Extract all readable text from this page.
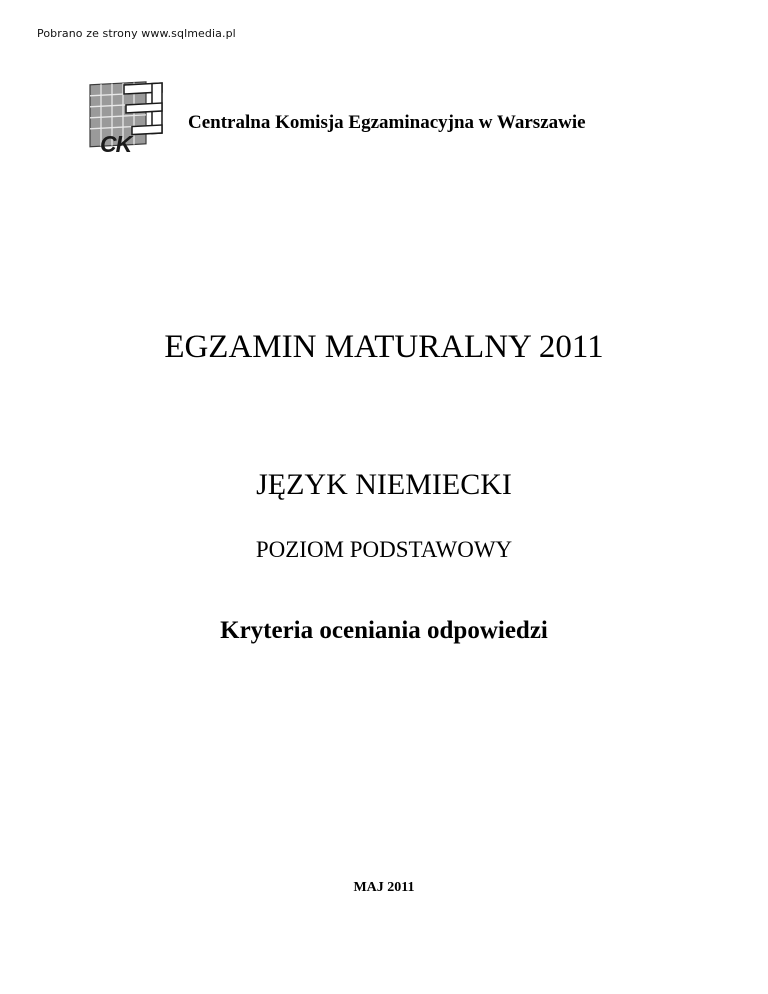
Pobrano ze strony www.sqlmedia.pl
CK
Centralna Komisja Egzaminacyjna w Warszawie
EGZAMIN MATURALNY 2011
JĘZYK NIEMIECKI
POZIOM PODSTAWOWY
Kryteria oceniania odpowiedzi
MAJ 2011
